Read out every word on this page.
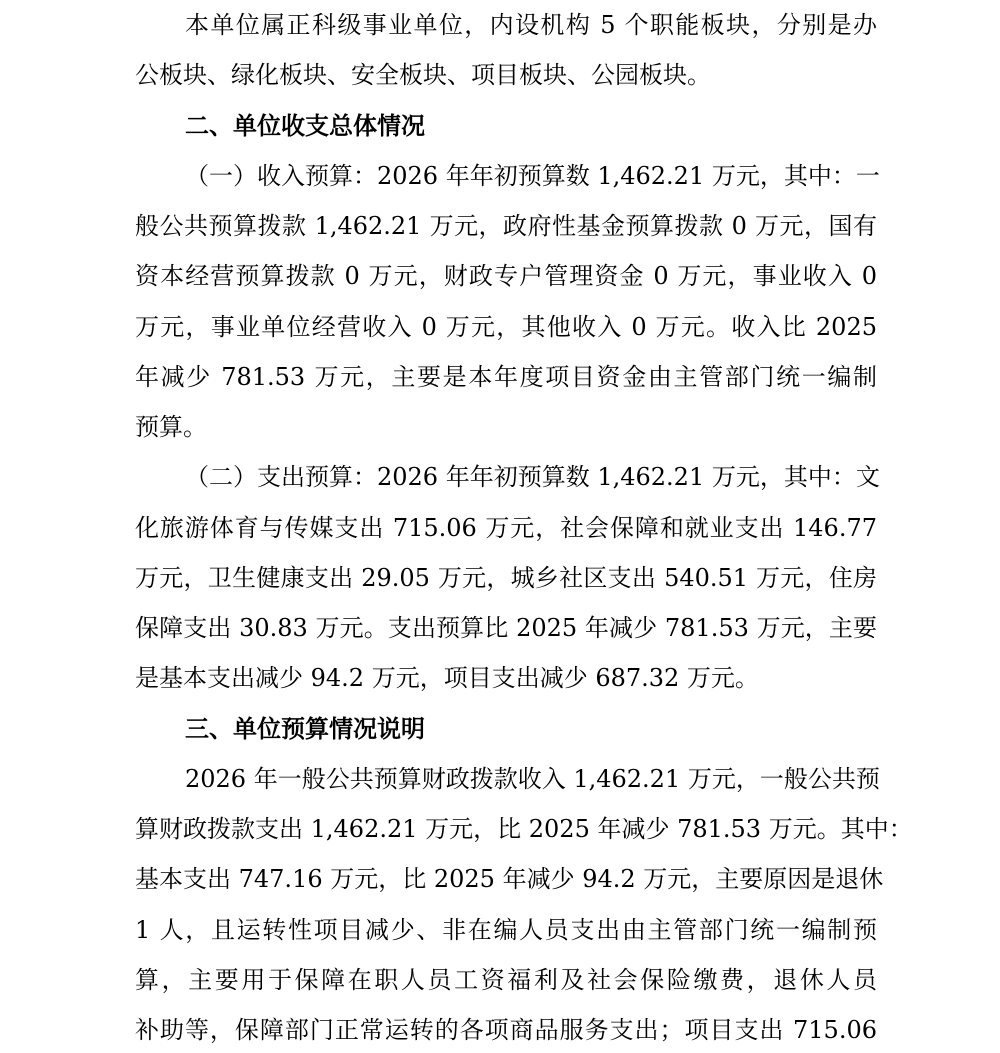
本单位属正科级事业单位，内设机构 5 个职能板块，分别是办
公板块、绿化板块、安全板块、项目板块、公园板块。
二、单位收支总体情况
（一）收入预算：2026 年年初预算数 1,462.21 万元，其中：一
般公共预算拨款 1,462.21 万元，政府性基金预算拨款 0 万元，国有
资本经营预算拨款 0 万元，财政专户管理资金 0 万元，事业收入 0
万元，事业单位经营收入 0 万元，其他收入 0 万元。收入比 2025
年减少 781.53 万元，主要是本年度项目资金由主管部门统一编制
预算。
（二）支出预算：2026 年年初预算数 1,462.21 万元，其中：文
化旅游体育与传媒支出 715.06 万元，社会保障和就业支出 146.77
万元，卫生健康支出 29.05 万元，城乡社区支出 540.51 万元，住房
保障支出 30.83 万元。支出预算比 2025 年减少 781.53 万元，主要
是基本支出减少 94.2 万元，项目支出减少 687.32 万元。
三、单位预算情况说明
2026 年一般公共预算财政拨款收入 1,462.21 万元，一般公共预
算财政拨款支出 1,462.21 万元，比 2025 年减少 781.53 万元。其中：
基本支出 747.16 万元，比 2025 年减少 94.2 万元，主要原因是退休
1 人，且运转性项目减少、非在编人员支出由主管部门统一编制预
算，主要用于保障在职人员工资福利及社会保险缴费，退休人员
补助等，保障部门正常运转的各项商品服务支出；项目支出 715.06
